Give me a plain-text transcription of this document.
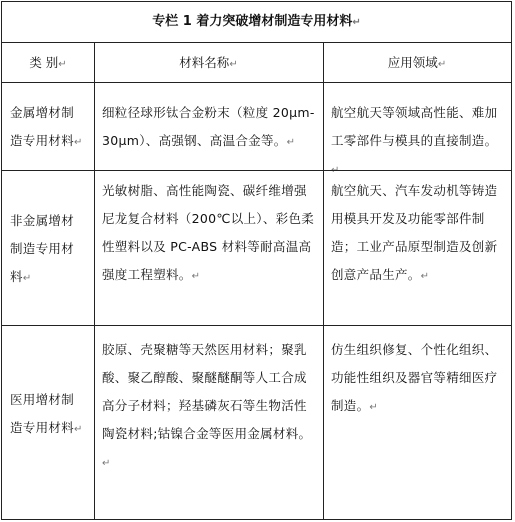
专栏 1 着力突破增材制造专用材料↵
类 别↵	材料名称↵	应用领域↵
金属增材制造专用材料↵
细粒径球形钛合金粉末（粒度 20μm-30μm）、高强钢、高温合金等。↵
航空航天等领域高性能、难加工零部件与模具的直接制造。↵
非金属增材制造专用材料↵
光敏树脂、高性能陶瓷、碳纤维增强尼龙复合材料（200℃以上）、彩色柔性塑料以及 PC-ABS 材料等耐高温高强度工程塑料。↵
航空航天、汽车发动机等铸造用模具开发及功能零部件制造；工业产品原型制造及创新创意产品生产。↵
医用增材制造专用材料↵
胶原、壳聚糖等天然医用材料；聚乳酸、聚乙醇酸、聚醚醚酮等人工合成高分子材料；羟基磷灰石等生物活性陶瓷材料;钴镍合金等医用金属材料。↵
仿生组织修复、个性化组织、功能性组织及器官等精细医疗制造。↵
